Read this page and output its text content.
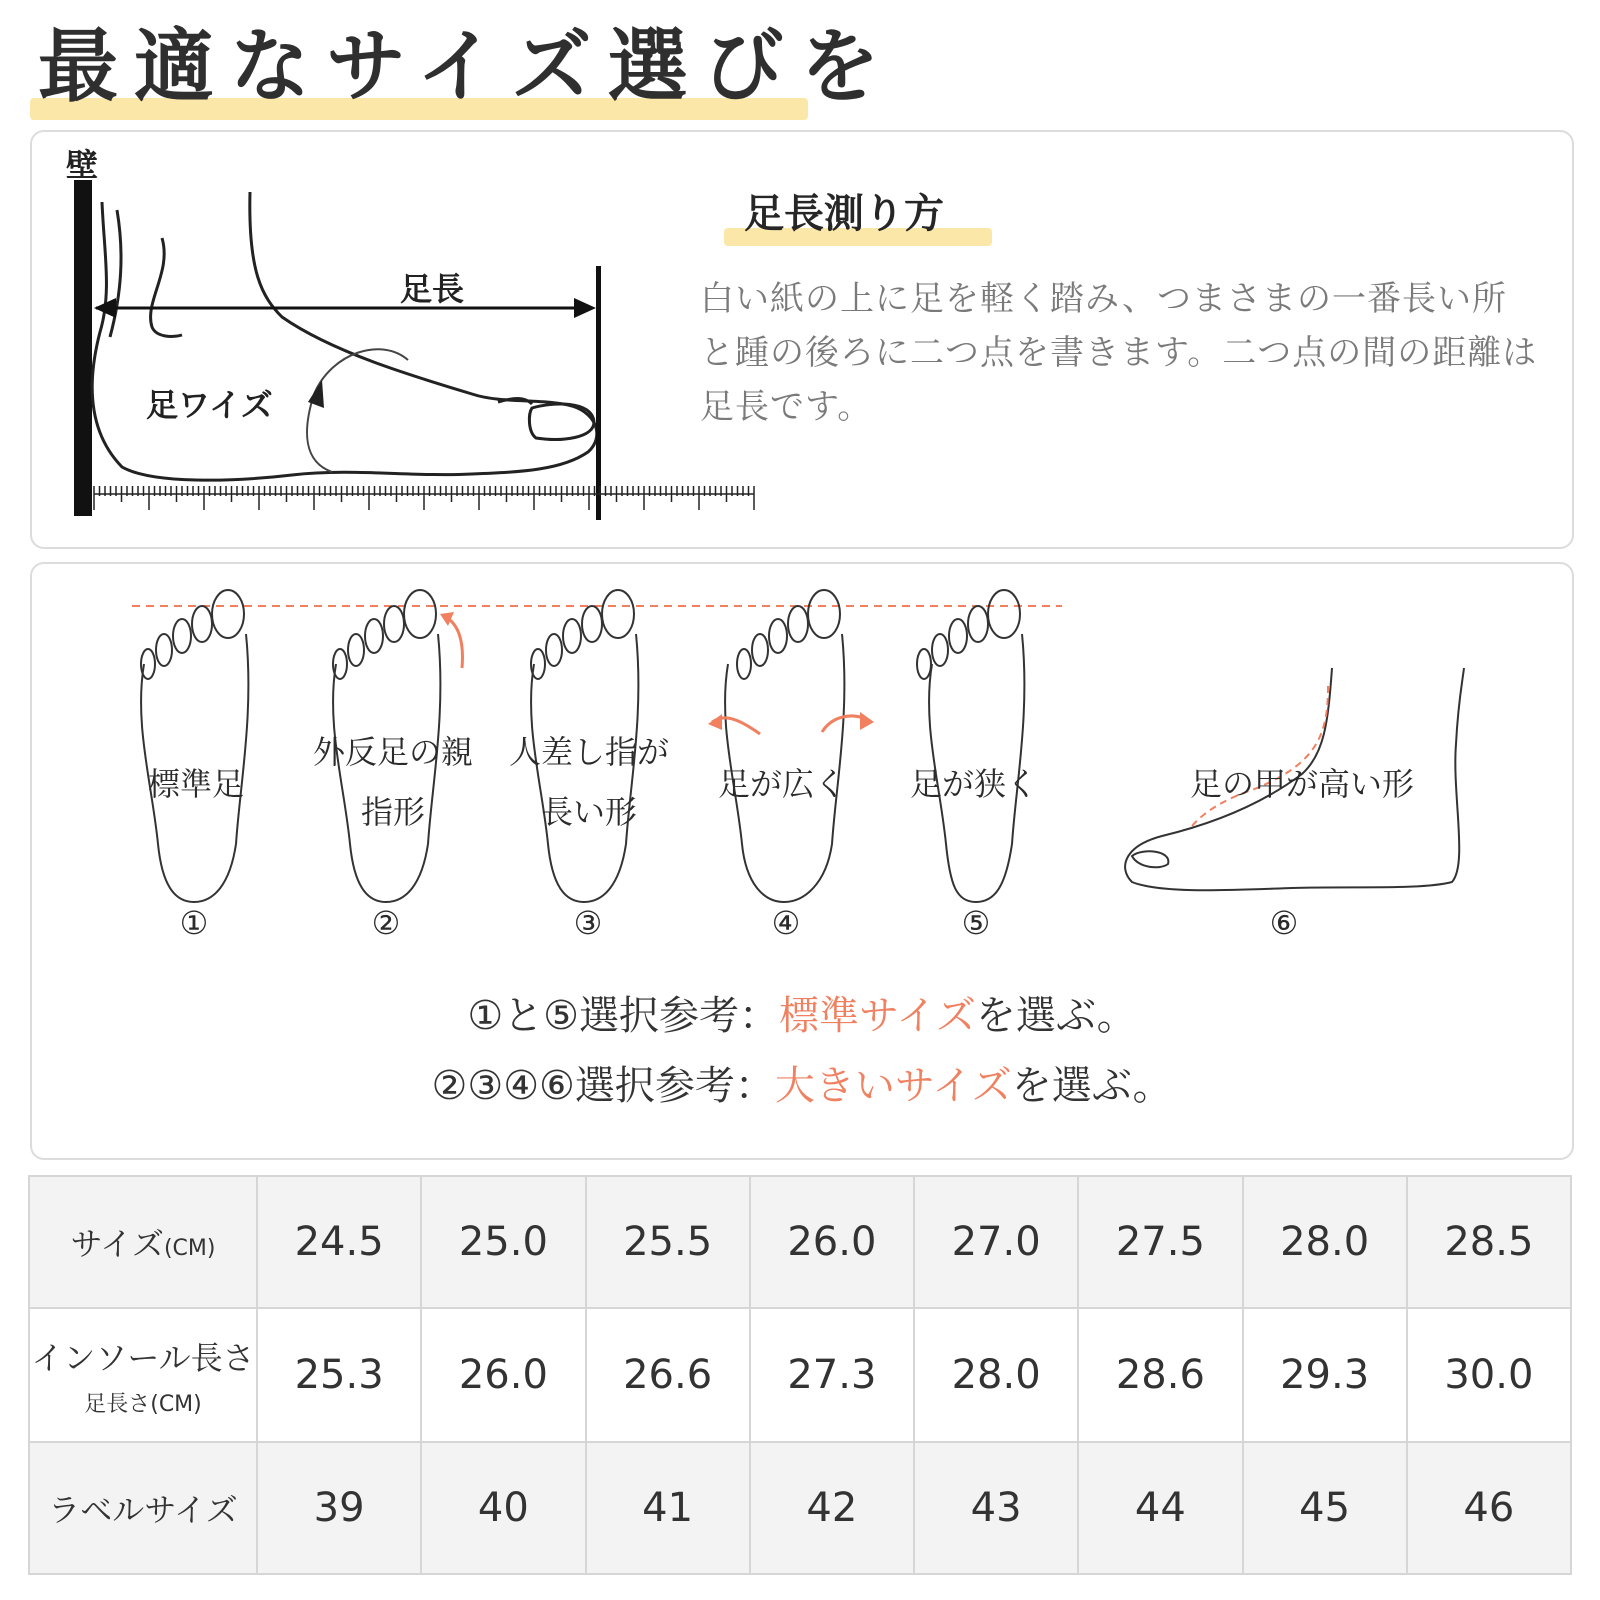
最適なサイズ選びを
壁
足長
足ワイズ
足長測り方
白い紙の上に足を軽く踏み、つまさまの一番長い所と踵の後ろに二つ点を書きます。二つ点の間の距離は足長です。
標準足
外反足の親指形
人差し指が長い形
足が広く 足が狭く	足の甲が高い形
①	②	③	④	⑤	⑥
①と⑤選択参考：標準サイズを選ぶ。
②③④⑥選択参考：大きいサイズを選ぶ。
サイズ(CM)	24.5	25.0	25.5	26.0	27.0	27.5	28.0	28.5
インソール長さ
足長さ(CM)	25.3	26.0	26.6	27.3	28.0	28.6	29.3	30.0
ラベルサイズ	39	40	41	42	43	44	45	46
